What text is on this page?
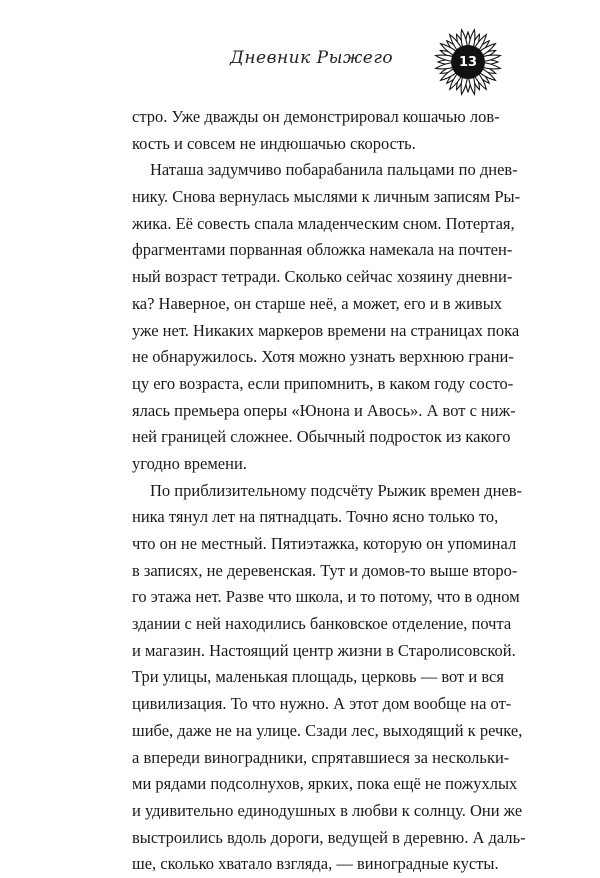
Дневник Рыжего	13
стро. Уже дважды он демонстрировал кошачью лов-
кость и совсем не индюшачью скорость.
Наташа задумчиво побарабанила пальцами по днев-
нику. Снова вернулась мыслями к личным записям Ры-
жика. Её совесть спала младенческим сном. Потертая,
фрагментами порванная обложка намекала на почтен-
ный возраст тетради. Сколько сейчас хозяину дневни-
ка? Наверное, он старше неё, а может, его и в живых
уже нет. Никаких маркеров времени на страницах пока
не обнаружилось. Хотя можно узнать верхнюю грани-
цу его возраста, если припомнить, в каком году состо-
ялась премьера оперы «Юнона и Авось». А вот с ниж-
ней границей сложнее. Обычный подросток из какого
угодно времени.
По приблизительному подсчёту Рыжик времен днев-
ника тянул лет на пятнадцать. Точно ясно только то,
что он не местный. Пятиэтажка, которую он упоминал
в записях, не деревенская. Тут и домов-то выше второ-
го этажа нет. Разве что школа, и то потому, что в одном
здании с ней находились банковское отделение, почта
и магазин. Настоящий центр жизни в Старолисовской.
Три улицы, маленькая площадь, церковь — вот и вся
цивилизация. То что нужно. А этот дом вообще на от-
шибе, даже не на улице. Сзади лес, выходящий к речке,
а впереди виноградники, спрятавшиеся за нескольки-
ми рядами подсолнухов, ярких, пока ещё не пожухлых
и удивительно единодушных в любви к солнцу. Они же
выстроились вдоль дороги, ведущей в деревню. А даль-
ше, сколько хватало взгляда, — виноградные кусты.
